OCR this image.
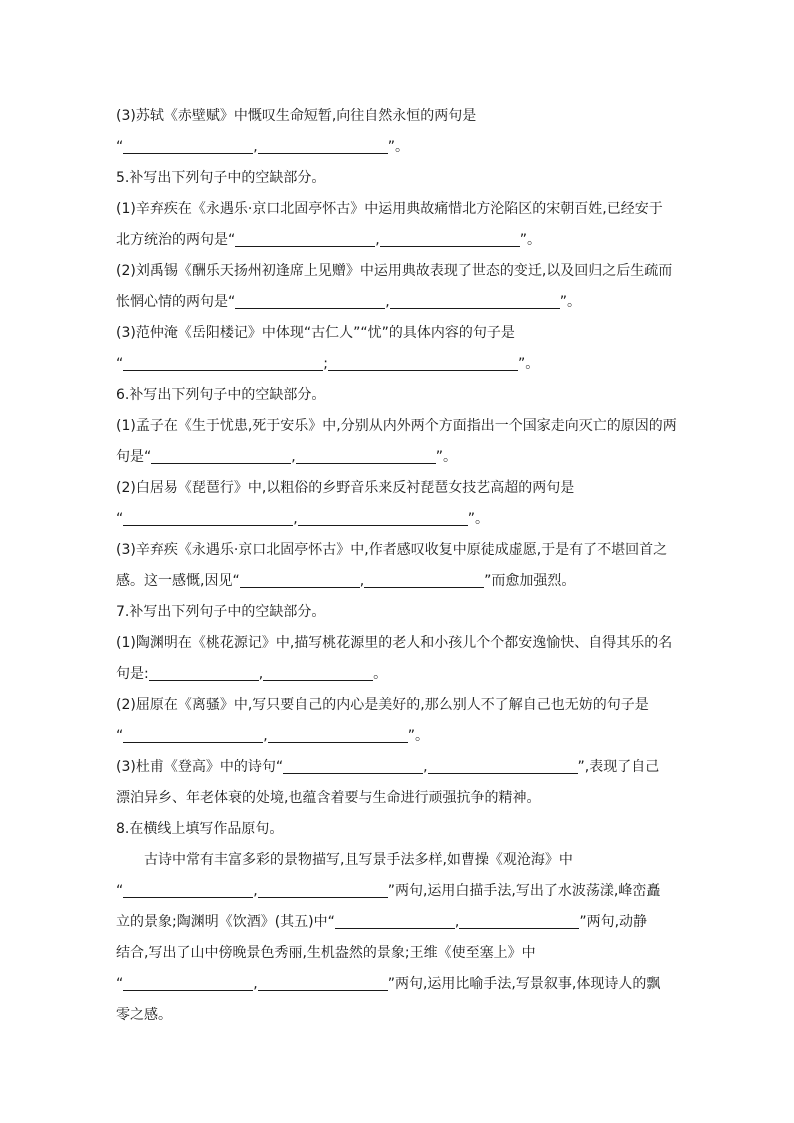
(3)苏轼《赤壁赋》中慨叹生命短暂,向往自然永恒的两句是
“	,	”。
5.补写出下列句子中的空缺部分。
(1)辛弃疾在《永遇乐·京口北固亭怀古》中运用典故痛惜北方沦陷区的宋朝百姓,已经安于
北方统治的两句是“	,	”。
(2)刘禹锡《酬乐天扬州初逢席上见赠》中运用典故表现了世态的变迁,以及回归之后生疏而
怅惘心情的两句是“	,	”。
(3)范仲淹《岳阳楼记》中体现“古仁人”“忧”的具体内容的句子是
“	;	”。
6.补写出下列句子中的空缺部分。
(1)孟子在《生于忧患,死于安乐》中,分别从内外两个方面指出一个国家走向灭亡的原因的两
句是“	,	”。
(2)白居易《琵琶行》中,以粗俗的乡野音乐来反衬琵琶女技艺高超的两句是
“	,	”。
(3)辛弃疾《永遇乐·京口北固亭怀古》中,作者感叹收复中原徒成虚愿,于是有了不堪回首之
感。这一感慨,因见“	,	”而愈加强烈。
7.补写出下列句子中的空缺部分。
(1)陶渊明在《桃花源记》中,描写桃花源里的老人和小孩儿个个都安逸愉快、自得其乐的名
句是:	,	。
(2)屈原在《离骚》中,写只要自己的内心是美好的,那么别人不了解自己也无妨的句子是
“	,	”。
(3)杜甫《登高》中的诗句“	,	”,表现了自己
漂泊异乡、年老体衰的处境,也蕴含着要与生命进行顽强抗争的精神。
8.在横线上填写作品原句。
古诗中常有丰富多彩的景物描写,且写景手法多样,如曹操《观沧海》中
“	,	”两句,运用白描手法,写出了水波荡漾,峰峦矗
立的景象;陶渊明《饮酒》(其五)中“	,	”两句,动静
结合,写出了山中傍晚景色秀丽,生机盎然的景象;王维《使至塞上》中
“	,	”两句,运用比喻手法,写景叙事,体现诗人的飘
零之感。
